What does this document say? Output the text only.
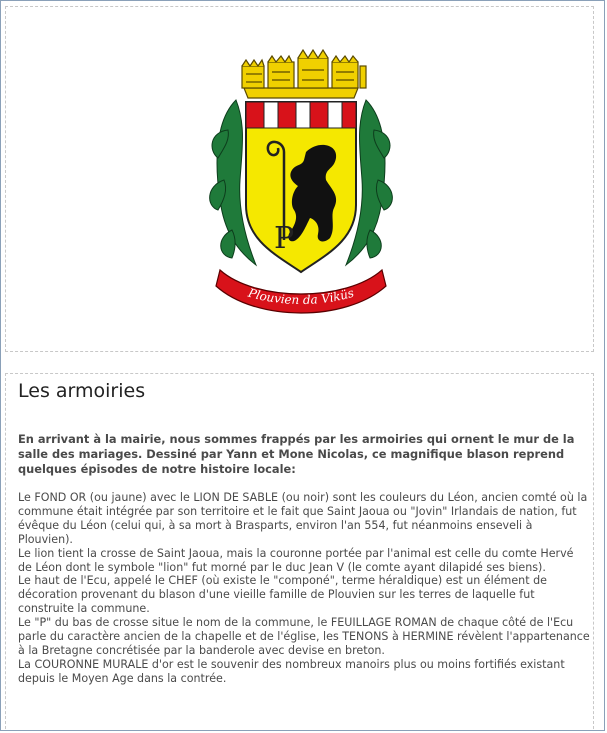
P
Plouvien da Viküs
Les armoiries

En arrivant à la mairie, nous sommes frappés par les armoiries qui ornent le mur de la salle des mariages. Dessiné par Yann et Mone Nicolas, ce magnifique blason reprend quelques épisodes de notre histoire locale:

Le FOND OR (ou jaune) avec le LION DE SABLE (ou noir) sont les couleurs du Léon, ancien comté où la commune était intégrée par son territoire et le fait que Saint Jaoua ou "Jovin" Irlandais de nation, fut évêque du Léon (celui qui, à sa mort à Brasparts, environ l'an 554, fut néanmoins enseveli à Plouvien).
Le lion tient la crosse de Saint Jaoua, mais la couronne portée par l'animal est celle du comte Hervé de Léon dont le symbole "lion" fut morné par le duc Jean V (le comte ayant dilapidé ses biens).
Le haut de l'Ecu, appelé le CHEF (où existe le "componé", terme héraldique) est un élément de décoration provenant du blason d'une vieille famille de Plouvien sur les terres de laquelle fut construite la commune.
Le "P" du bas de crosse situe le nom de la commune, le FEUILLAGE ROMAN de chaque côté de l'Ecu parle du caractère ancien de la chapelle et de l'église, les TENONS à HERMINE révèlent l'appartenance à la Bretagne concrétisée par la banderole avec devise en breton.
La COURONNE MURALE d'or est le souvenir des nombreux manoirs plus ou moins fortifiés existant depuis le Moyen Age dans la contrée.
